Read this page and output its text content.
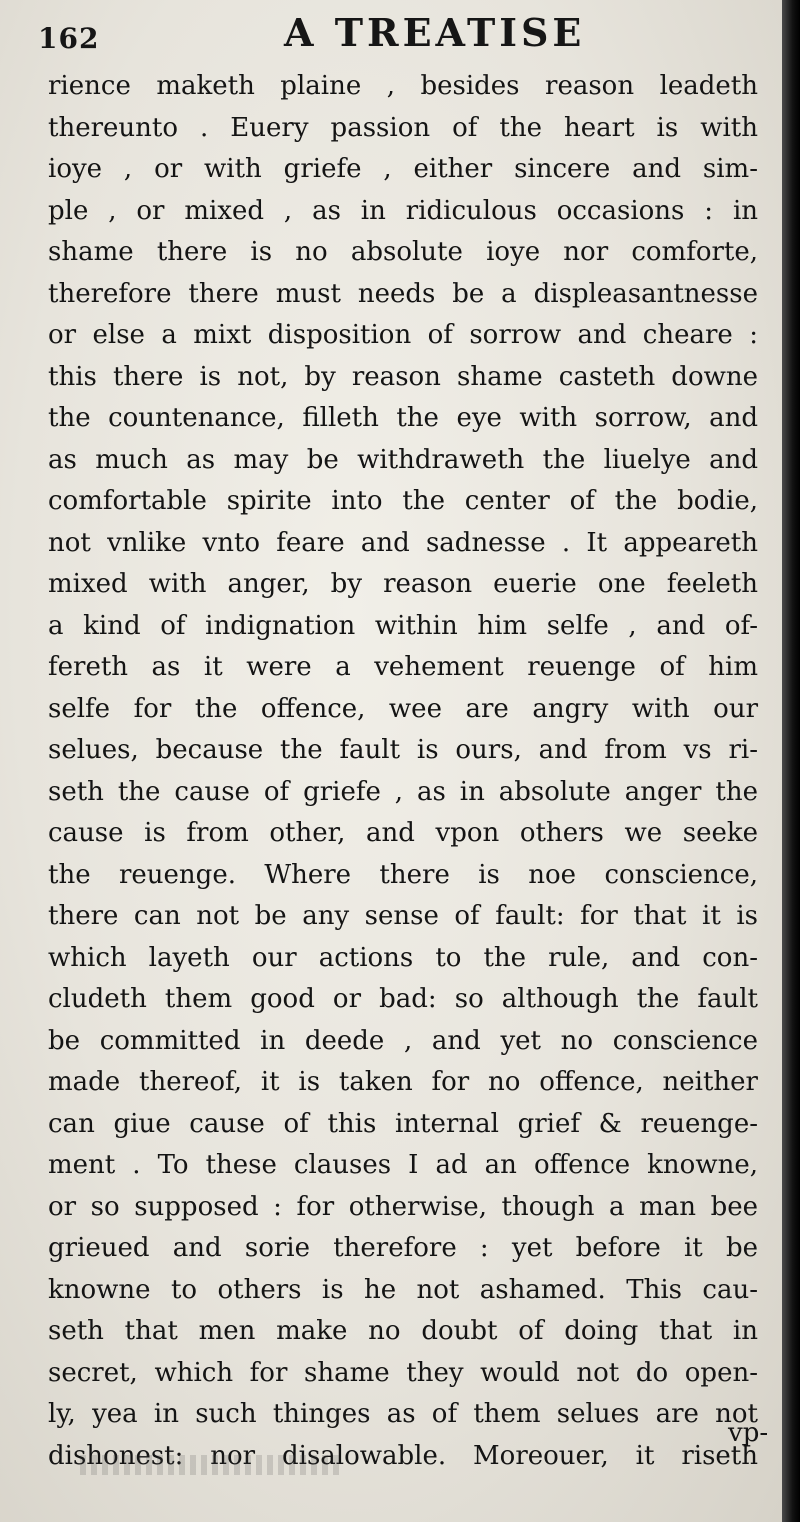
162	A TREATISE
rience maketh plaine , besides reason leadeth
thereunto . Euery passion of the heart is with
ioye , or with griefe , either sincere and sim-
ple , or mixed , as in ridiculous occasions : in
shame there is no absolute ioye nor comforte,
therefore there must needs be a displeasantnesse
or else a mixt disposition of sorrow and cheare :
this there is not, by reason shame casteth downe
the countenance, filleth the eye with sorrow, and
as much as may be withdraweth the liuelye and
comfortable spirite into the center of the bodie,
not vnlike vnto feare and sadnesse . It appeareth
mixed with anger, by reason euerie one feeleth
a kind of indignation within him selfe , and of-
fereth as it were a vehement reuenge of him
selfe for the offence, wee are angry with our
selues, because the fault is ours, and from vs ri-
seth the cause of griefe , as in absolute anger the
cause is from other, and vpon others we seeke
the reuenge. Where there is noe conscience,
there can not be any sense of fault: for that it is
which layeth our actions to the rule, and con-
cludeth them good or bad: so although the fault
be committed in deede , and yet no conscience
made thereof, it is taken for no offence, neither
can giue cause of this internal grief & reuenge-
ment . To these clauses I ad an offence knowne,
or so supposed : for otherwise, though a man bee
grieued and sorie therefore : yet before it be
knowne to others is he not ashamed. This cau-
seth that men make no doubt of doing that in
secret, which for shame they would not do open-
ly, yea in such thinges as of them selues are not
dishonest: nor disalowable. Moreouer, it riseth
vp-
